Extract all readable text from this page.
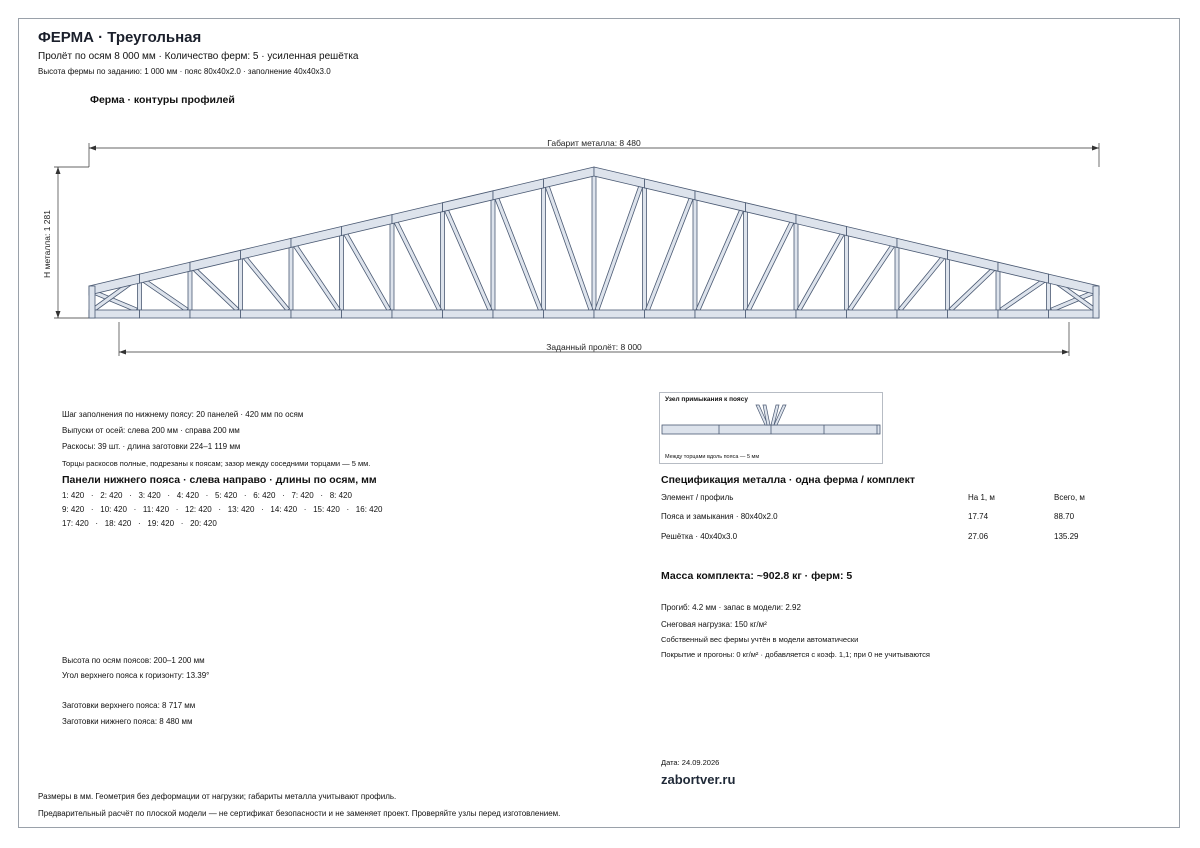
ФЕРМА · Треугольная
Пролёт по осям 8 000 мм · Количество ферм: 5 · усиленная решётка
Высота фермы по заданию: 1 000 мм · пояс 80х40х2.0 · заполнение 40х40х3.0
Ферма · контуры профилей
Габарит металла: 8 480
Заданный пролёт: 8 000
Н металла: 1 281
Шаг заполнения по нижнему поясу: 20 панелей · 420 мм по осям
Выпуски от осей: слева 200 мм · справа 200 мм
Раскосы: 39 шт. · длина заготовки 224–1 119 мм
Торцы раскосов полные, подрезаны к поясам; зазор между соседними торцами — 5 мм.
Панели нижнего пояса · слева направо · длины по осям, мм
1: 420   ·   2: 420   ·   3: 420   ·   4: 420   ·   5: 420   ·   6: 420   ·   7: 420   ·   8: 420
9: 420   ·   10: 420   ·   11: 420   ·   12: 420   ·   13: 420   ·   14: 420   ·   15: 420   ·   16: 420
17: 420   ·   18: 420   ·   19: 420   ·   20: 420
Высота по осям поясов: 200–1 200 мм
Угол верхнего пояса к горизонту: 13.39°
Заготовки верхнего пояса: 8 717 мм
Заготовки нижнего пояса: 8 480 мм
Узел примыкания к поясу
Между торцами вдоль пояса — 5 мм
Спецификация металла · одна ферма / комплект
Элемент / профиль	На 1, м	Всего, м
Пояса и замыкания · 80х40х2.0	17.74	88.70
Решётка · 40х40х3.0	27.06	135.29
Масса комплекта: ~902.8 кг · ферм: 5
Прогиб: 4.2 мм · запас в модели: 2.92
Снеговая нагрузка: 150 кг/м²
Собственный вес фермы учтён в модели автоматически
Покрытие и прогоны: 0 кг/м² · добавляется с коэф. 1,1; при 0 не учитываются
Дата: 24.09.2026
zabortver.ru
Размеры в мм. Геометрия без деформации от нагрузки; габариты металла учитывают профиль.
Предварительный расчёт по плоской модели — не сертификат безопасности и не заменяет проект. Проверяйте узлы перед изготовлением.
